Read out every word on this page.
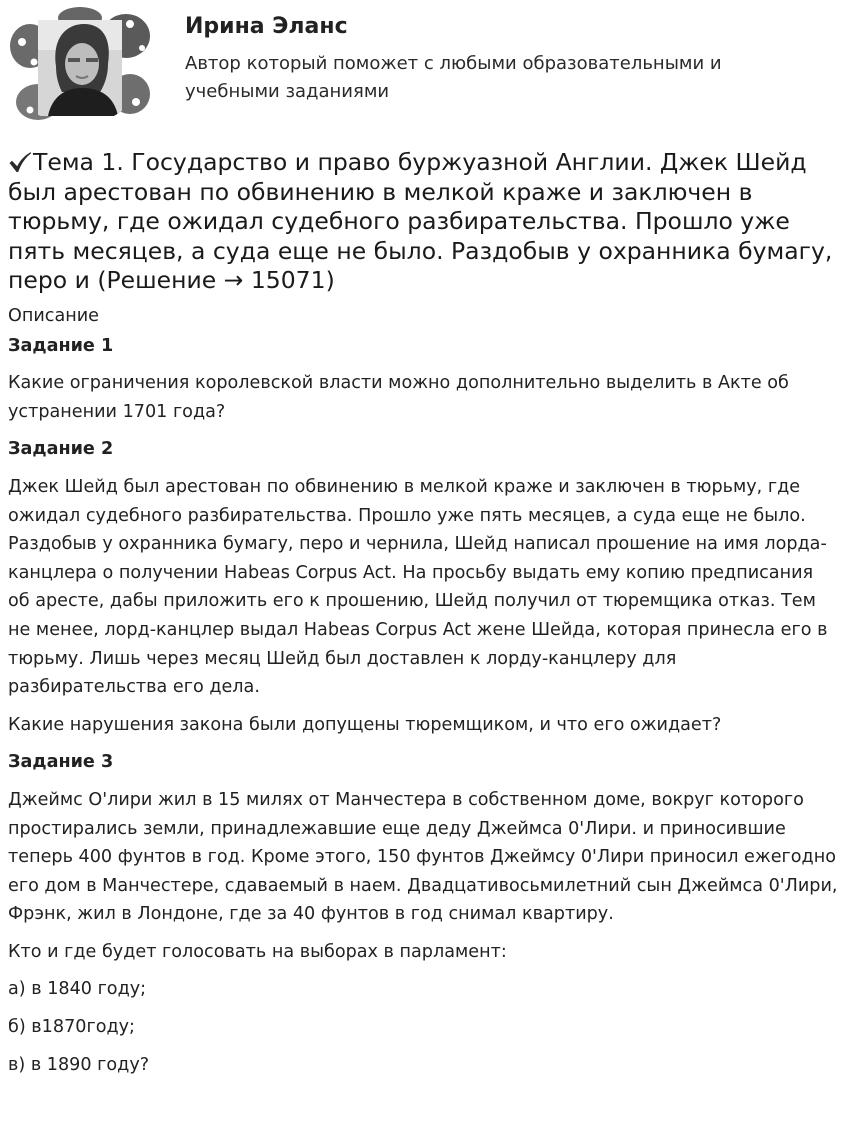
Ирина Эланс
Автор который поможет с любыми образовательными и учебными заданиями
Тема 1. Государство и право буржуазной Англии. Джек Шейд был арестован по обвинению в мелкой краже и заключен в тюрьму, где ожидал судебного разбирательства. Прошло уже пять месяцев, а суда еще не было. Раздобыв у охранника бумагу, перо и (Решение → 15071)

Описание

Задание 1

Какие ограничения королевской власти можно дополнительно выделить в Акте об устранении 1701 года?

Задание 2

Джек Шейд был арестован по обвинению в мелкой краже и заключен в тюрьму, где ожидал судебного разбирательства. Прошло уже пять месяцев, а суда еще не было. Раздобыв у охранника бумагу, перо и чернила, Шейд написал прошение на имя лорда-канцлера о получении Habeas Corpus Act. На просьбу выдать ему копию предписания об аресте, дабы приложить его к прошению, Шейд получил от тюремщика отказ. Тем не менее, лорд-канцлер выдал Habeas Corpus Act жене Шейда, которая принесла его в тюрьму. Лишь через месяц Шейд был доставлен к лорду-канцлеру для разбирательства его дела.

Какие нарушения закона были допущены тюремщиком, и что его ожидает?

Задание 3

Джеймс О'лири жил в 15 милях от Манчестера в собственном доме, вокруг которого простирались земли, принадлежавшие еще деду Джеймса 0'Лири. и приносившие теперь 400 фунтов в год. Кроме этого, 150 фунтов Джеймсу 0'Лири приносил ежегодно его дом в Манчестере, сдаваемый в наем. Двадцативосьмилетний сын Джеймса 0'Лири, Фрэнк, жил в Лондоне, где за 40 фунтов в год снимал квартиру.

Кто и где будет голосовать на выборах в парламент:

а) в 1840 году;

б) в1870году;

в) в 1890 году?
